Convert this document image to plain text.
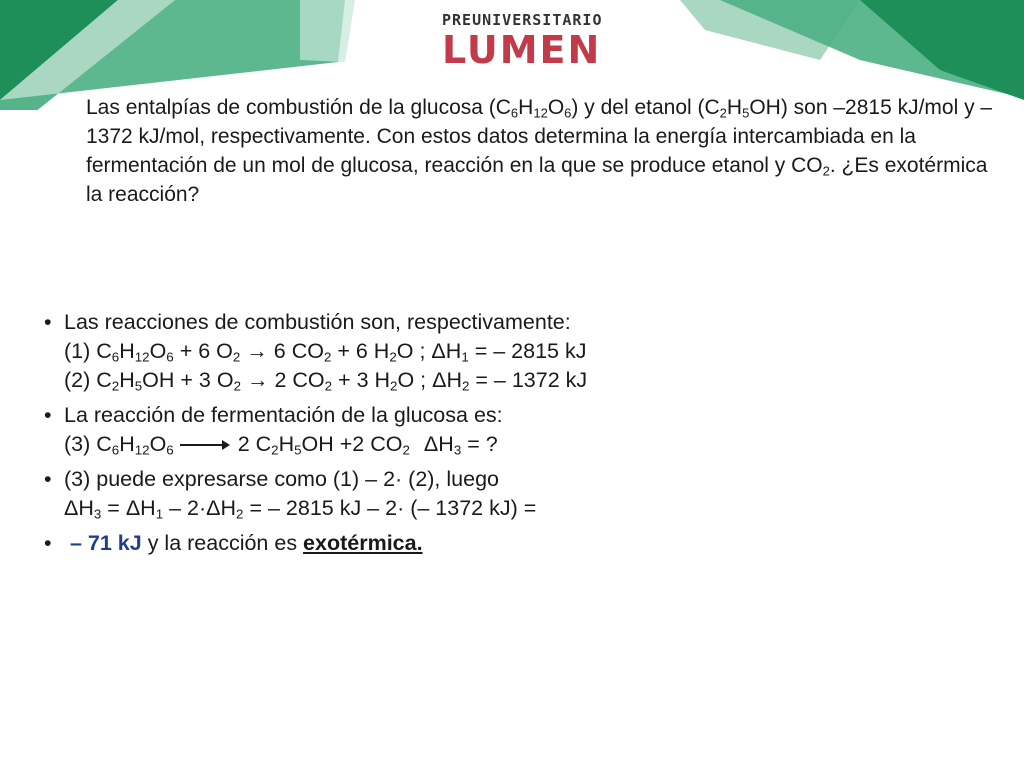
PREUNIVERSITARIO
LUMEN
Las entalpías de combustión de la glucosa $(C_6H_{12}O_6)$ y del etanol $(C_2H_5OH)$ son –2815 kJ/mol y –1372 kJ/mol, respectivamente. Con estos datos determina la energía intercambiada en la fermentación de un mol de glucosa, reacción en la que se produce etanol y $CO_2$. ¿Es exotérmica la reacción?
• Las reacciones de combustión son, respectivamente:
(1) $C_6H_{12}O_6 + 6$ $O_2 \to 6$ $CO_2 + 6$ $H_2O$ ; $\Delta H_1$ = – 2815 kJ
(2) $C_2H_5OH + 3$ $O_2 \to 2$ $CO_2 + 3$ $H_2O$ ; $\Delta H_2$ = – 1372 kJ
• La reacción de fermentación de la glucosa es:
(3) $C_6H_{12}O_6$	2 $C_2H_5OH +2$ $CO_2$ $\Delta H_3$ = ?
• (3) puede expresarse como (1) – 2· (2), luego
$\Delta H_3 = \Delta H_1 - 2\cdot\Delta H_2$ = – 2815 kJ – 2· (– 1372 kJ) =
• – 71 kJ y la reacción es exotérmica.
